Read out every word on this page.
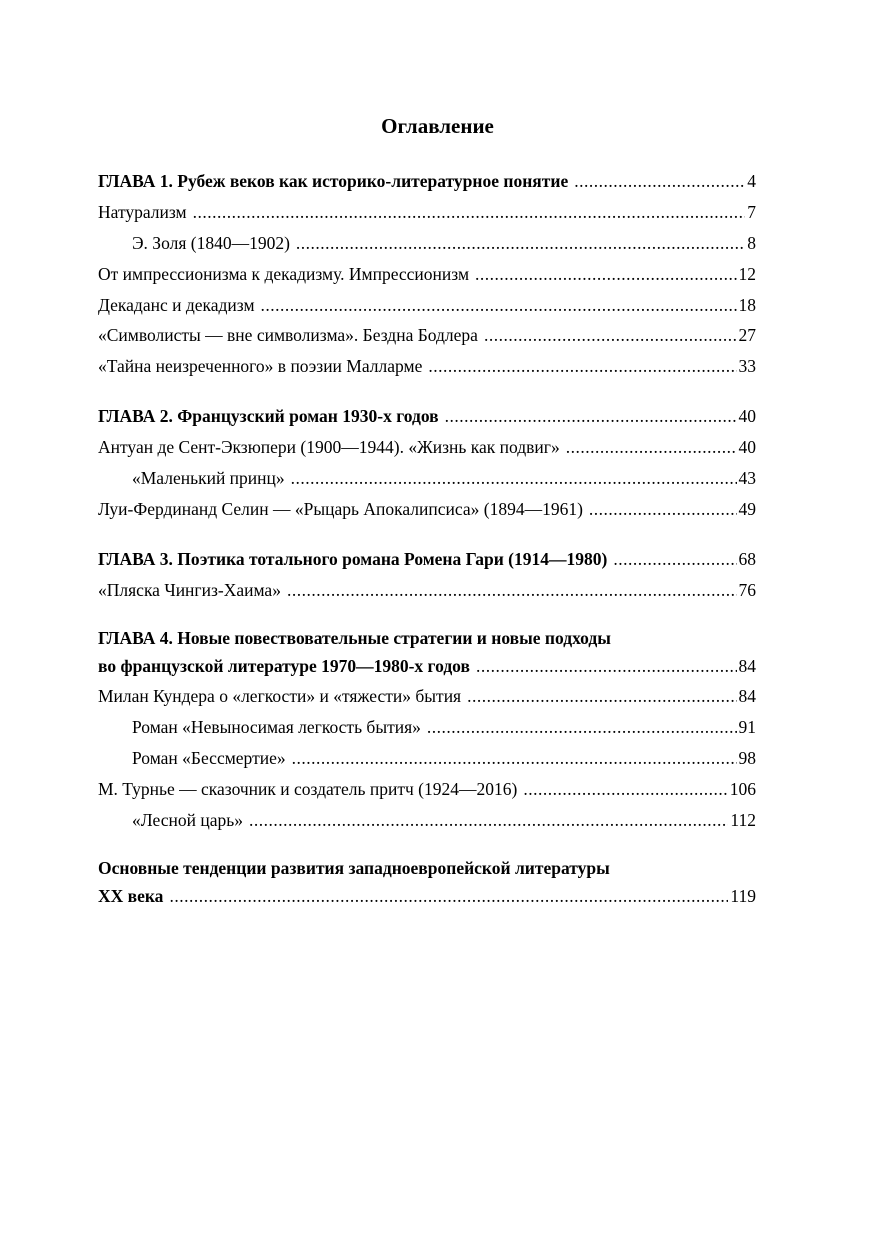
Оглавление
ГЛАВА 1. Рубеж веков как историко-литературное понятие .....	4
Натурализм .....	7
Э. Золя (1840—1902) .....	8
От импрессионизма к декадизму. Импрессионизм .....	12
Декаданс и декадизм .....	18
«Символисты — вне символизма». Бездна Бодлера .....	27
«Тайна неизреченного» в поэзии Малларме .....	33
ГЛАВА 2. Французский роман 1930-х годов .....	40
Антуан де Сент-Экзюпери (1900—1944). «Жизнь как подвиг» .....	40
«Маленький принц» .....	43
Луи-Фердинанд Селин — «Рыцарь Апокалипсиса» (1894—1961) .....	49
ГЛАВА 3. Поэтика тотального романа Ромена Гари (1914—1980) .....	68
«Пляска Чингиз-Хаима» .....	76
ГЛАВА 4. Новые повествовательные стратегии и новые подходы
во французской литературе 1970—1980-х годов .....	84
Милан Кундера о «легкости» и «тяжести» бытия .....	84
Роман «Невыносимая легкость бытия» .....	91
Роман «Бессмертие» .....	98
М. Турнье — сказочник и создатель притч (1924—2016) .....	106
«Лесной царь» .....	112
Основные тенденции развития западноевропейской литературы
XX века .....	119
